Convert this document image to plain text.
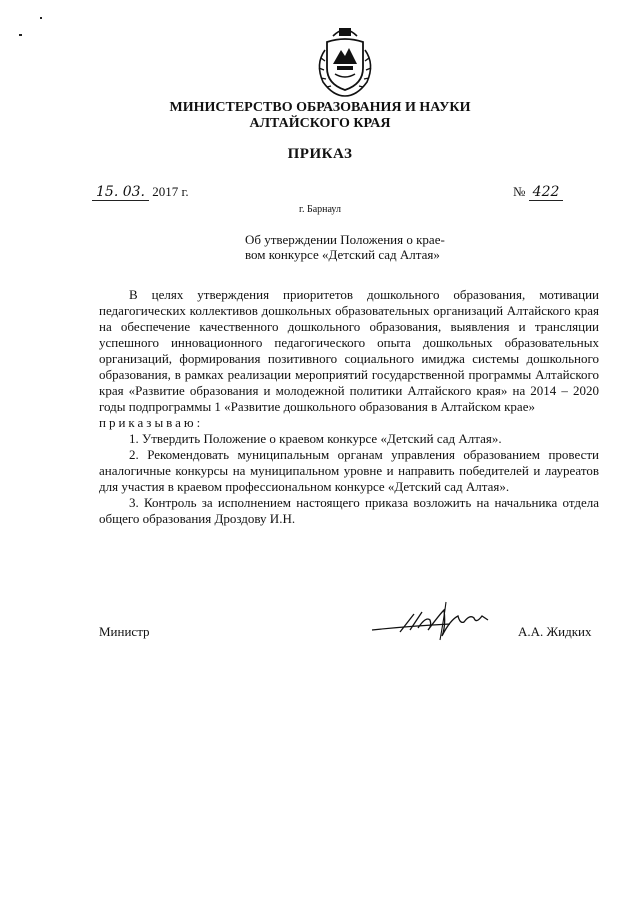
МИНИСТЕРСТВО ОБРАЗОВАНИЯ И НАУКИ
АЛТАЙСКОГО КРАЯ
ПРИКАЗ
15. 03. 2017 г.	№ 422
г. Барнаул
Об утверждении Положения о крае-
вом конкурсе «Детский сад Алтая»

В целях утверждения приоритетов дошкольного образования, мотивации педагогических коллективов дошкольных образовательных организаций Алтайского края на обеспечение качественного дошкольного образования, выявления и трансляции успешного инновационного педагогического опыта дошкольных образовательных организаций, формирования позитивного социального имиджа системы дошкольного образования, в рамках реализации мероприятий государственной программы Алтайского края «Развитие образования и молодежной политики Алтайского края» на 2014 – 2020 годы подпрограммы 1 «Развитие дошкольного образования в Алтайском крае»

приказываю:

1. Утвердить Положение о краевом конкурсе «Детский сад Алтая».

2. Рекомендовать муниципальным органам управления образованием провести аналогичные конкурсы на муниципальном уровне и направить победителей и лауреатов для участия в краевом профессиональном конкурсе «Детский сад Алтая».

3. Контроль за исполнением настоящего приказа возложить на начальника отдела общего образования Дроздову И.Н.

Министр	А.А. Жидких
